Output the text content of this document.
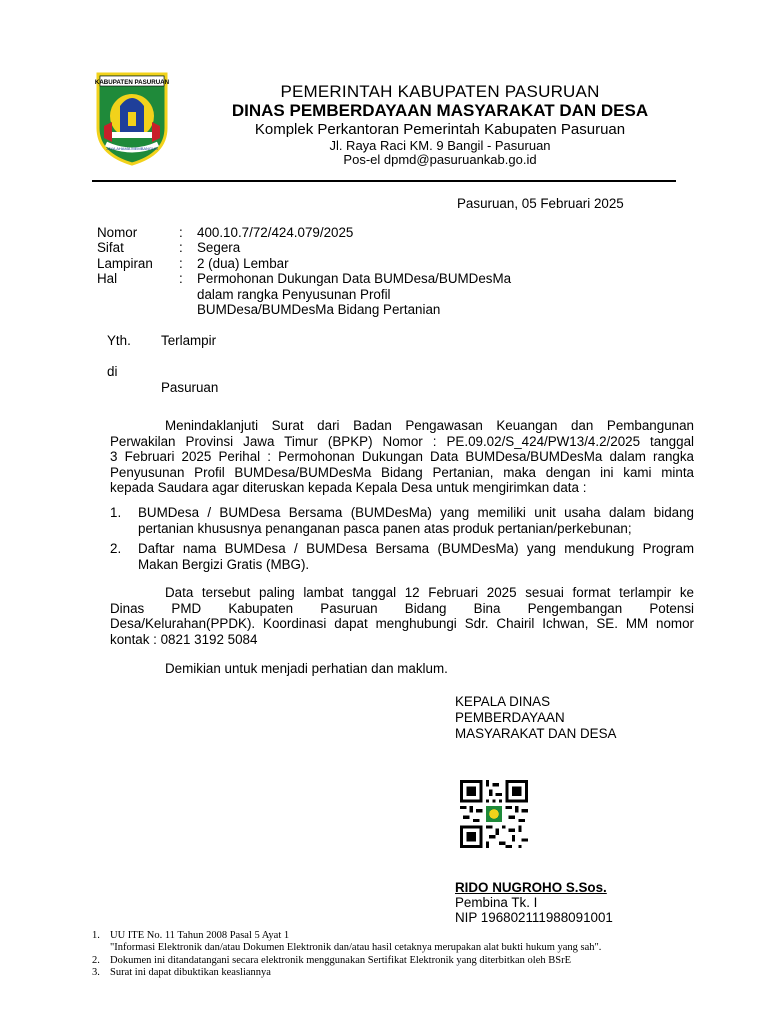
KABUPATEN PASURUAN
JAYA AHAMA MEMBANGUN
PEMERINTAH KABUPATEN PASURUAN
DINAS PEMBERDAYAAN MASYARAKAT DAN DESA
Komplek Perkantoran Pemerintah Kabupaten Pasuruan
Jl. Raya Raci KM. 9 Bangil - Pasuruan
Pos-el dpmd@pasuruankab.go.id
Pasuruan, 05 Februari 2025
Nomor	: 400.10.7/72/424.079/2025
Sifat	: Segera
Lampiran : 2 (dua) Lembar
Hal	: Permohonan Dukungan Data BUMDesa/BUMDesMa
dalam rangka Penyusunan Profil
BUMDesa/BUMDesMa Bidang Pertanian
Yth. Terlampir
di
Pasuruan
Menindaklanjuti Surat dari Badan Pengawasan Keuangan dan Pembangunan
Perwakilan Provinsi Jawa Timur (BPKP) Nomor : PE.09.02/S_424/PW13/4.2/2025 tanggal
3 Februari 2025 Perihal : Permohonan Dukungan Data BUMDesa/BUMDesMa dalam rangka
Penyusunan Profil BUMDesa/BUMDesMa Bidang Pertanian, maka dengan ini kami minta
kepada Saudara agar diteruskan kepada Kepala Desa untuk mengirimkan data :
1. BUMDesa / BUMDesa Bersama (BUMDesMa) yang memiliki unit usaha dalam bidang
pertanian khususnya penanganan pasca panen atas produk pertanian/perkebunan;
2. Daftar nama BUMDesa / BUMDesa Bersama (BUMDesMa) yang mendukung Program
Makan Bergizi Gratis (MBG).
Data tersebut paling lambat tanggal 12 Februari 2025 sesuai format terlampir ke
Dinas PMD Kabupaten Pasuruan Bidang Bina Pengembangan Potensi
Desa/Kelurahan(PPDK). Koordinasi dapat menghubungi Sdr. Chairil Ichwan, SE. MM nomor
kontak : 0821 3192 5084
Demikian untuk menjadi perhatian dan maklum.
KEPALA DINAS
PEMBERDAYAAN
MASYARAKAT DAN DESA
RIDO NUGROHO S.Sos.
Pembina Tk. I
NIP 196802111988091001
1. UU ITE No. 11 Tahun 2008 Pasal 5 Ayat 1
"Informasi Elektronik dan/atau Dokumen Elektronik dan/atau hasil cetaknya merupakan alat bukti hukum yang sah".
2. Dokumen ini ditandatangani secara elektronik menggunakan Sertifikat Elektronik yang diterbitkan oleh BSrE
3. Surat ini dapat dibuktikan keasliannya
